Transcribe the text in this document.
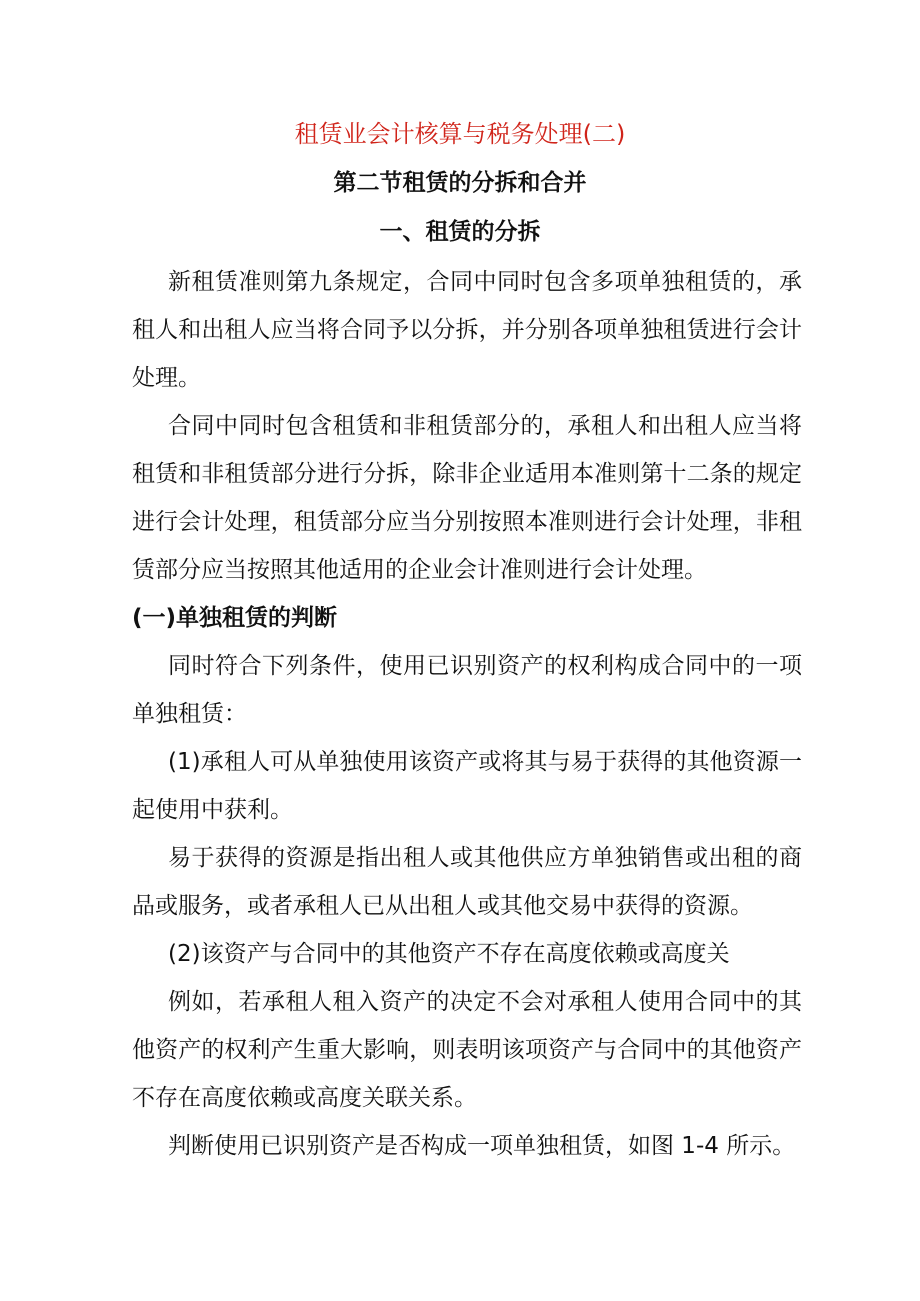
租赁业会计核算与税务处理(二)
第二节租赁的分拆和合并
一、租赁的分拆

新租赁准则第九条规定，合同中同时包含多项单独租赁的，承租人和出租人应当将合同予以分拆，并分别各项单独租赁进行会计处理。

合同中同时包含租赁和非租赁部分的，承租人和出租人应当将租赁和非租赁部分进行分拆，除非企业适用本准则第十二条的规定进行会计处理，租赁部分应当分别按照本准则进行会计处理，非租赁部分应当按照其他适用的企业会计准则进行会计处理。

(一)单独租赁的判断

同时符合下列条件，使用已识别资产的权利构成合同中的一项单独租赁：

(1)承租人可从单独使用该资产或将其与易于获得的其他资源一起使用中获利。

易于获得的资源是指出租人或其他供应方单独销售或出租的商品或服务，或者承租人已从出租人或其他交易中获得的资源。

(2)该资产与合同中的其他资产不存在高度依赖或高度关

例如，若承租人租入资产的决定不会对承租人使用合同中的其他资产的权利产生重大影响，则表明该项资产与合同中的其他资产不存在高度依赖或高度关联关系。

判断使用已识别资产是否构成一项单独租赁，如图 1-4 所示。
